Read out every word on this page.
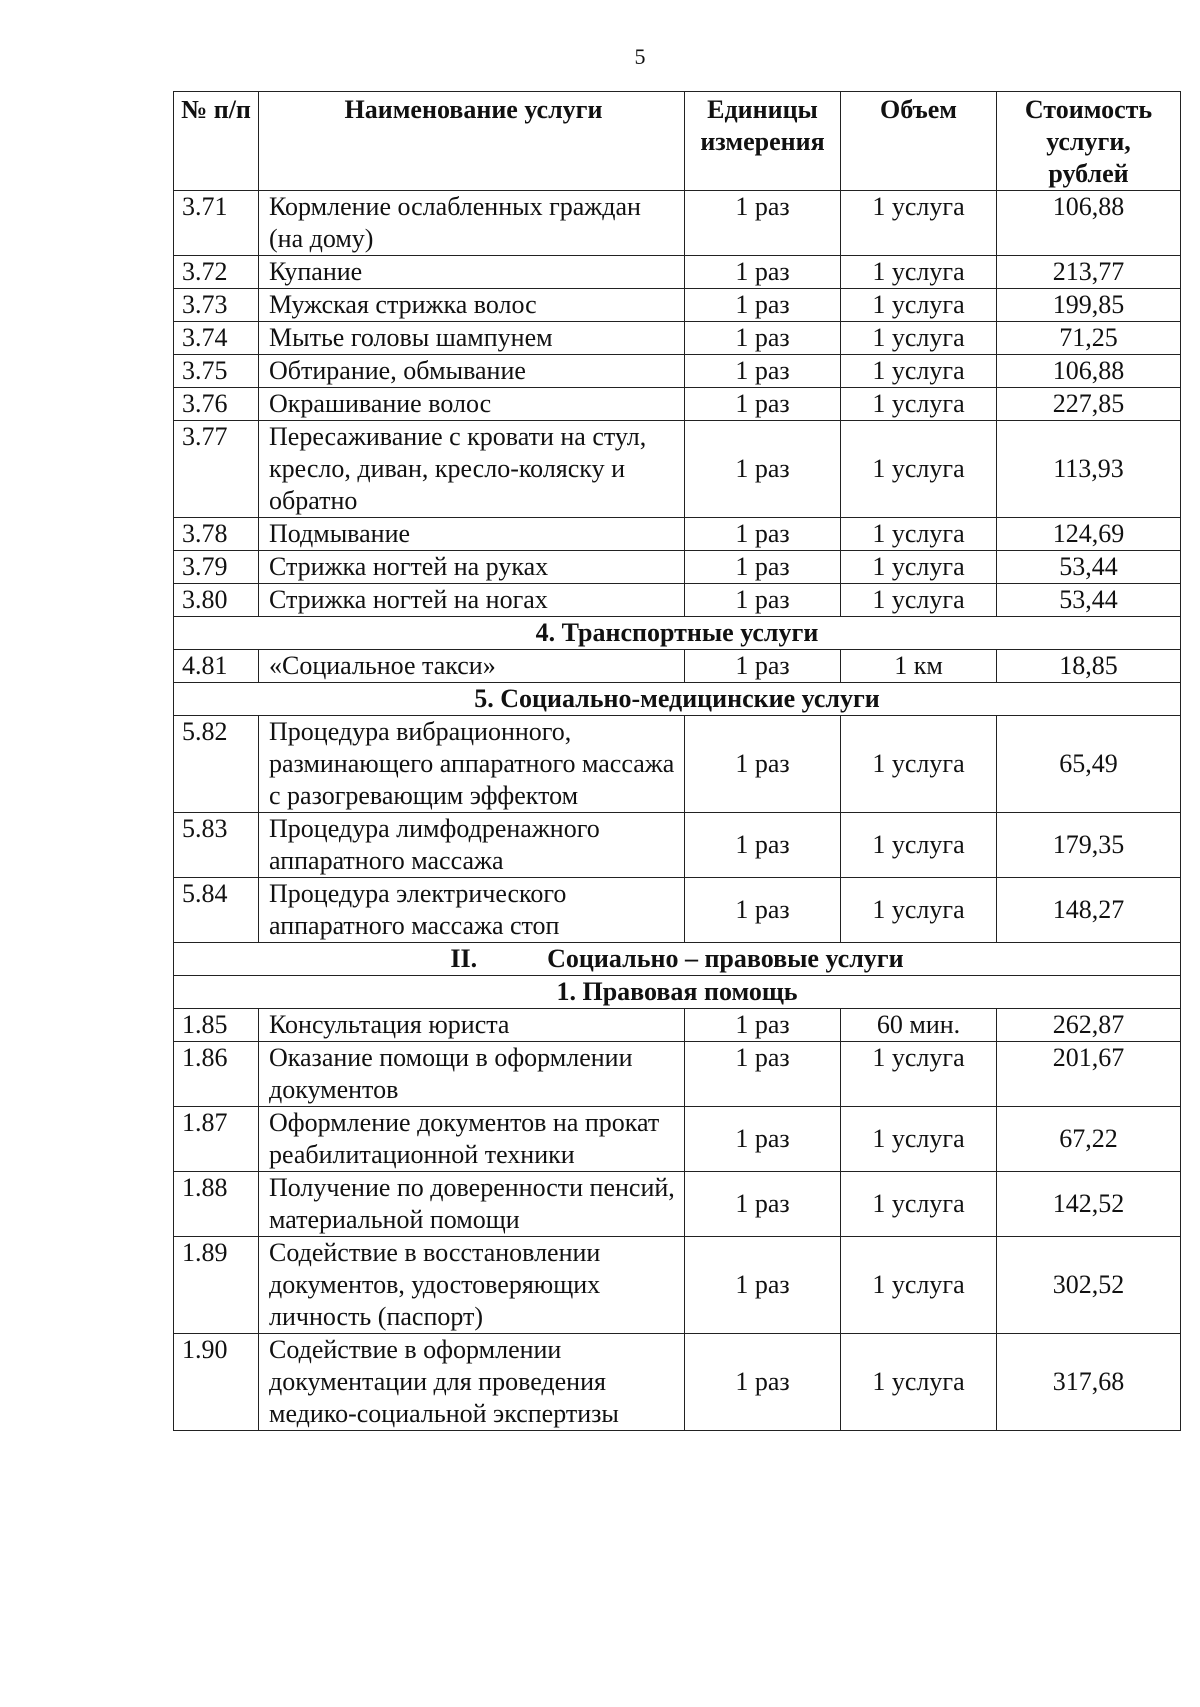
5
№ п/п	Наименование услуги	Единицы измерения	Объем	Стоимость услуги, рублей
3.71	Кормление ослабленных граждан (на дому)	1 раз	1 услуга	106,88
3.72	Купание	1 раз	1 услуга	213,77
3.73	Мужская стрижка волос	1 раз	1 услуга	199,85
3.74	Мытье головы шампунем	1 раз	1 услуга	71,25
3.75	Обтирание, обмывание	1 раз	1 услуга	106,88
3.76	Окрашивание волос	1 раз	1 услуга	227,85
3.77	Пересаживание с кровати на стул, кресло, диван, кресло-коляску и обратно	1 раз	1 услуга	113,93
3.78	Подмывание	1 раз	1 услуга	124,69
3.79	Стрижка ногтей на руках	1 раз	1 услуга	53,44
3.80	Стрижка ногтей на ногах	1 раз	1 услуга	53,44
4. Транспортные услуги				
4.81	«Социальное такси»	1 раз	1 км	18,85
5. Социально-медицинские услуги				
5.82	Процедура вибрационного, разминающего аппаратного массажа с разогревающим эффектом	1 раз	1 услуга	65,49
5.83	Процедура лимфодренажного аппаратного массажа	1 раз	1 услуга	179,35
5.84	Процедура электрического аппаратного массажа стоп	1 раз	1 услуга	148,27
II. Социально – правовые услуги				
1. Правовая помощь				
1.85	Консультация юриста	1 раз	60 мин.	262,87
1.86	Оказание помощи в оформлении документов	1 раз	1 услуга	201,67
1.87	Оформление документов на прокат реабилитационной техники	1 раз	1 услуга	67,22
1.88	Получение по доверенности пенсий, материальной помощи	1 раз	1 услуга	142,52
1.89	Содействие в восстановлении документов, удостоверяющих личность (паспорт)	1 раз	1 услуга	302,52
1.90	Содействие в оформлении документации для проведения медико-социальной экспертизы	1 раз	1 услуга	317,68
